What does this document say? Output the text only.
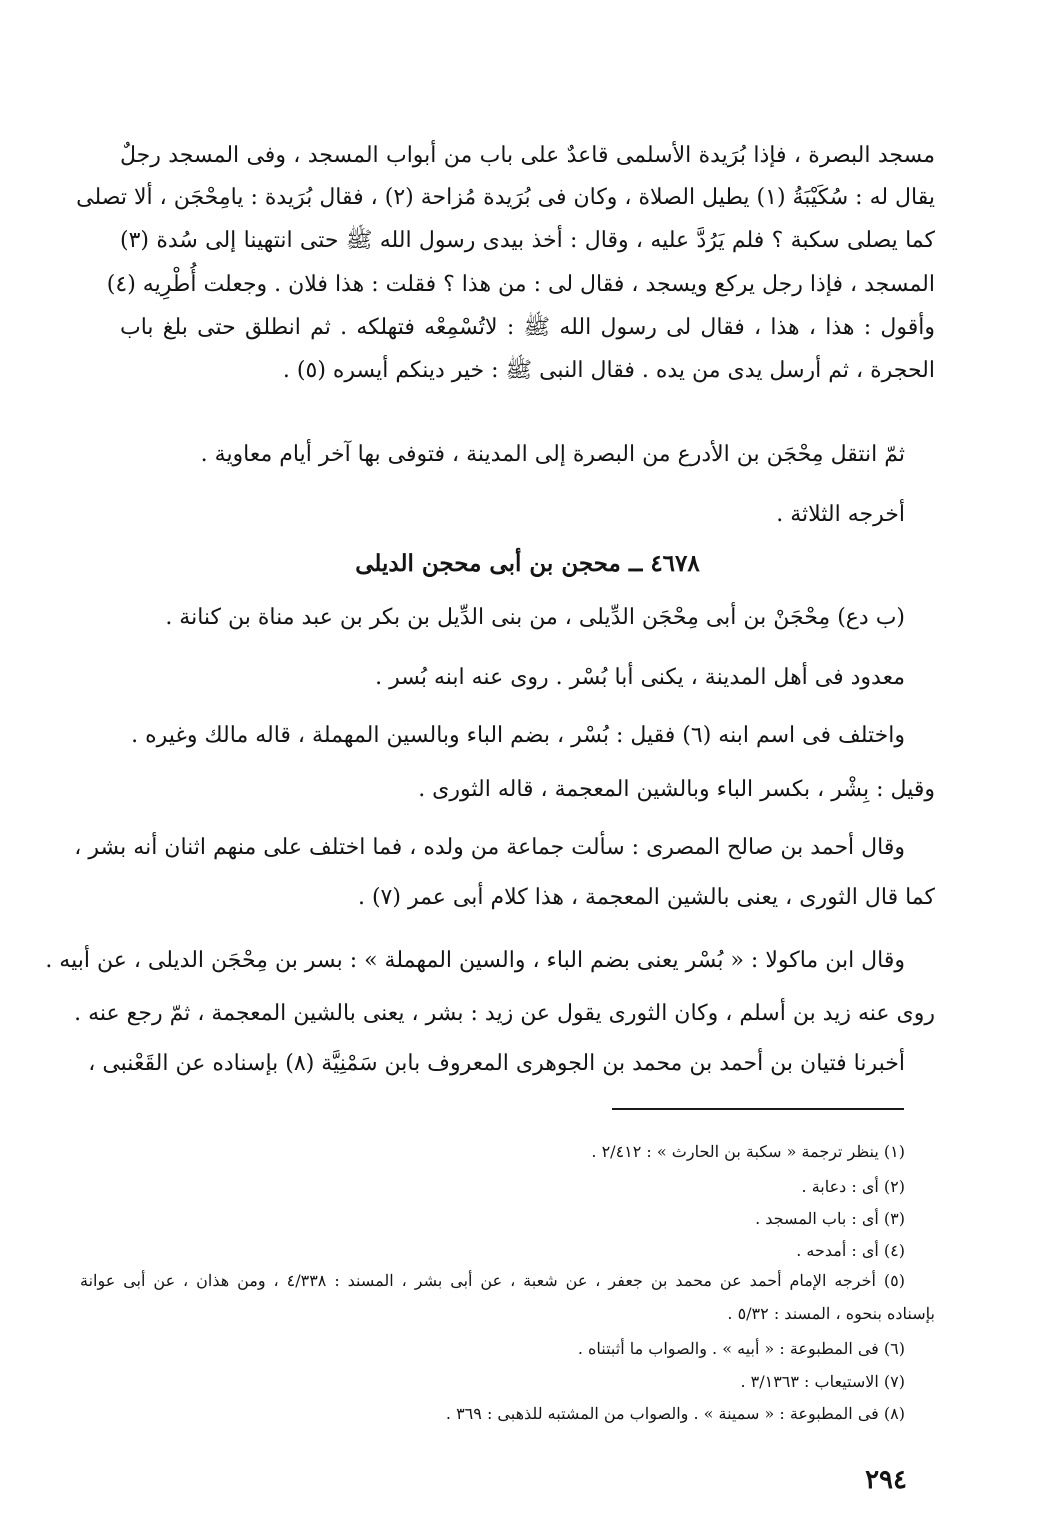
مسجد البصرة ، فإذا بُرَيدة الأسلمى قاعدٌ على باب من أبواب المسجد ، وفى المسجد رجلٌ
يقال له : سُكَيْبَةُ (١) يطيل الصلاة ، وكان فى بُرَيدة مُزاحة (٢) ، فقال بُرَيدة : يامِحْجَن ، ألا تصلى
كما يصلى سكبة ؟ فلم يَرُدَّ عليه ، وقال : أخذ بيدى رسول الله ﷺ حتى انتهينا إلى سُدة (٣)
المسجد ، فإذا رجل يركع ويسجد ، فقال لى : من هذا ؟ فقلت : هذا فلان . وجعلت أُطْرِيه (٤)
وأقول : هذا ، هذا ، فقال لى رسول الله ﷺ : لاتُسْمِعْه فتهلكه . ثم انطلق حتى بلغ باب
الحجرة ، ثم أرسل يدى من يده . فقال النبى ﷺ : خير دينكم أيسره (٥) .
ثمّ انتقل مِحْجَن بن الأدرع من البصرة إلى المدينة ، فتوفى بها آخر أيام معاوية .
أخرجه الثلاثة .
٤٦٧٨ ــ محجن بن أبى محجن الديلى
(ب دع) مِحْجَنْ بن أبى مِحْجَن الدِّيلى ، من بنى الدِّيل بن بكر بن عبد مناة بن كنانة .
معدود فى أهل المدينة ، يكنى أبا بُسْر . روى عنه ابنه بُسر .
واختلف فى اسم ابنه (٦) فقيل : بُسْر ، بضم الباء وبالسين المهملة ، قاله مالك وغيره .
وقيل : بِشْر ، بكسر الباء وبالشين المعجمة ، قاله الثورى .
وقال أحمد بن صالح المصرى : سألت جماعة من ولده ، فما اختلف على منهم اثنان أنه بشر ،
كما قال الثورى ، يعنى بالشين المعجمة ، هذا كلام أبى عمر (٧) .
وقال ابن ماكولا : « بُسْر يعنى بضم الباء ، والسين المهملة » : بسر بن مِحْجَن الديلى ، عن أبيه .
روى عنه زيد بن أسلم ، وكان الثورى يقول عن زيد : بشر ، يعنى بالشين المعجمة ، ثمّ رجع عنه .
أخبرنا فتيان بن أحمد بن محمد بن الجوهرى المعروف بابن سَمْنِيَّة (٨) بإسناده عن القَعْنبى ،
(١) ينظر ترجمة « سكبة بن الحارث » : ٢/٤١٢ .
(٢) أى : دعابة .
(٣) أى : باب المسجد .
(٤) أى : أمدحه .
(٥) أخرجه الإمام أحمد عن محمد بن جعفر ، عن شعبة ، عن أبى بشر ، المسند : ٤/٣٣٨ ، ومن هذان ، عن أبى عوانة
بإسناده بنحوه ، المسند : ٥/٣٢ .
(٦) فى المطبوعة : « أبيه » . والصواب ما أثبتناه .
(٧) الاستيعاب : ٣/١٣٦٣ .
(٨) فى المطبوعة : « سمينة » . والصواب من المشتبه للذهبى : ٣٦٩ .
٢٩٤
